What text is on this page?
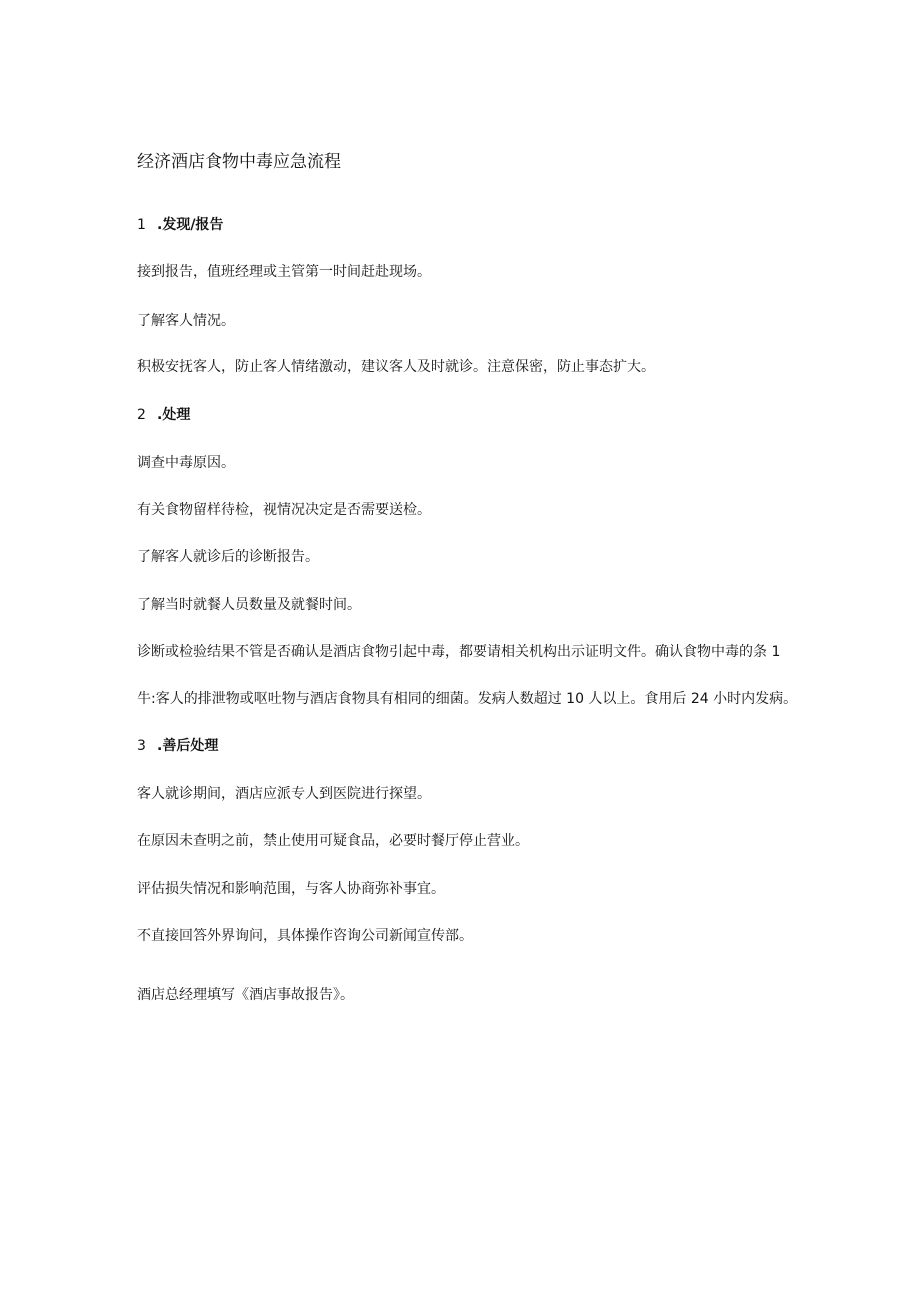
经济酒店食物中毒应急流程
1 .发现/报告
接到报告，值班经理或主管第一时间赶赴现场。
了解客人情况。
积极安抚客人，防止客人情绪激动，建议客人及时就诊。注意保密，防止事态扩大。
2 .处理
调查中毒原因。
有关食物留样待检，视情况决定是否需要送检。
了解客人就诊后的诊断报告。
了解当时就餐人员数量及就餐时间。
诊断或检验结果不管是否确认是酒店食物引起中毒，都要请相关机构出示证明文件。确认食物中毒的条 1
牛:客人的排泄物或呕吐物与酒店食物具有相同的细菌。发病人数超过 10 人以上。食用后 24 小时内发病。
3 .善后处理
客人就诊期间，酒店应派专人到医院进行探望。
在原因未查明之前，禁止使用可疑食品，必要时餐厅停止营业。
评估损失情况和影响范围，与客人协商弥补事宜。
不直接回答外界询问，具体操作咨询公司新闻宣传部。
酒店总经理填写《酒店事故报告》。
